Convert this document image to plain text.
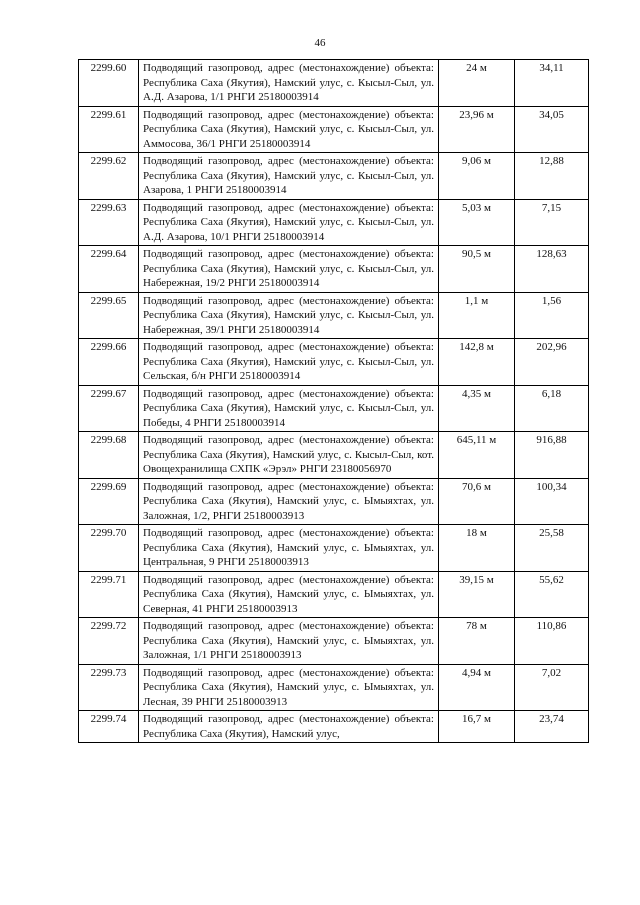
46
2299.60	Подводящий газопровод, адрес (местонахождение) объекта: Республика Саха (Якутия), Намский улус, с. Кысыл-Сыл, ул. А.Д. Азарова, 1/1 РНГИ 25180003914	24 м	34,11
2299.61	Подводящий газопровод, адрес (местонахождение) объекта: Республика Саха (Якутия), Намский улус, с. Кысыл-Сыл, ул. Аммосова, 36/1 РНГИ 25180003914	23,96 м	34,05
2299.62	Подводящий газопровод, адрес (местонахождение) объекта: Республика Саха (Якутия), Намский улус, с. Кысыл-Сыл, ул. Азарова, 1 РНГИ 25180003914	9,06 м	12,88
2299.63	Подводящий газопровод, адрес (местонахождение) объекта: Республика Саха (Якутия), Намский улус, с. Кысыл-Сыл, ул. А.Д. Азарова, 10/1 РНГИ 25180003914	5,03 м	7,15
2299.64	Подводящий газопровод, адрес (местонахождение) объекта: Республика Саха (Якутия), Намский улус, с. Кысыл-Сыл, ул. Набережная, 19/2 РНГИ 25180003914	90,5 м	128,63
2299.65	Подводящий газопровод, адрес (местонахождение) объекта: Республика Саха (Якутия), Намский улус, с. Кысыл-Сыл, ул. Набережная, 39/1 РНГИ 25180003914	1,1 м	1,56
2299.66	Подводящий газопровод, адрес (местонахождение) объекта: Республика Саха (Якутия), Намский улус, с. Кысыл-Сыл, ул. Сельская, б/н РНГИ 25180003914	142,8 м	202,96
2299.67	Подводящий газопровод, адрес (местонахождение) объекта: Республика Саха (Якутия), Намский улус, с. Кысыл-Сыл, ул. Победы, 4 РНГИ 25180003914	4,35 м	6,18
2299.68	Подводящий газопровод, адрес (местонахождение) объекта: Республика Саха (Якутия), Намский улус, с. Кысыл-Сыл, кот. Овощехранилища СХПК «Эрэл» РНГИ 23180056970	645,11 м	916,88
2299.69	Подводящий газопровод, адрес (местонахождение) объекта: Республика Саха (Якутия), Намский улус, с. Ымыяхтах, ул. Заложная, 1/2, РНГИ 25180003913	70,6 м	100,34
2299.70	Подводящий газопровод, адрес (местонахождение) объекта: Республика Саха (Якутия), Намский улус, с. Ымыяхтах, ул. Центральная, 9 РНГИ 25180003913	18 м	25,58
2299.71	Подводящий газопровод, адрес (местонахождение) объекта: Республика Саха (Якутия), Намский улус, с. Ымыяхтах, ул. Северная, 41 РНГИ 25180003913	39,15 м	55,62
2299.72	Подводящий газопровод, адрес (местонахождение) объекта: Республика Саха (Якутия), Намский улус, с. Ымыяхтах, ул. Заложная, 1/1 РНГИ 25180003913	78 м	110,86
2299.73	Подводящий газопровод, адрес (местонахождение) объекта: Республика Саха (Якутия), Намский улус, с. Ымыяхтах, ул. Лесная, 39 РНГИ 25180003913	4,94 м	7,02
2299.74	Подводящий газопровод, адрес (местонахождение) объекта: Республика Саха (Якутия), Намский улус,	16,7 м	23,74
